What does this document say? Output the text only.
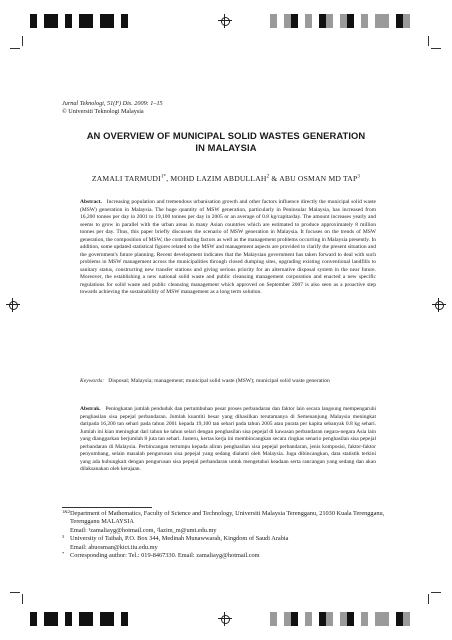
Jurnal Teknologi, 51(F) Dis. 2009: 1–15
© Universiti Teknologi Malaysia
AN OVERVIEW OF MUNICIPAL SOLID WASTES GENERATION
IN MALAYSIA
ZAMALI $TARMUDI^{1*}$, MOHD LAZIM ABDULLAH$^2$ & ABU OSMAN MD TAP$^3$
Abstract. Increasing population and tremendous urbanisation growth and other factors influence directly the municipal solid waste (MSW) generation in Malaysia. The huge quantity of MSW generation, particularly in Peninsular Malaysia, has increased from 16,200 tonnes per day in 2001 to 19,100 tonnes per day in 2005 or an average of 0.8 kg/capita/day. The amount increases yearly and seems to grow in parallel with the urban areas in many Asian countries which are estimated to produce approximately 8 million tonnes per day. Thus, this paper briefly discusses the scenario of MSW generation in Malaysia. It focuses on the trends of MSW generation, the composition of MSW, the contributing factors as well as the management problems occurring in Malaysia presently. In addition, some updated statistical figures related to the MSW and management aspects are provided to clarify the present situation and the government's future planning. Recent development indicates that the Malaysian government has taken forward to deal with such problems in MSW management across the municipalities through closed dumping sites, upgrading existing conventional landfills to sanitary status, constructing new transfer stations and giving serious priority for an alternative disposal system in the near future. Moreover, the establishing a new national solid waste and public cleansing management corporation and enacted a new specific regulations for solid waste and public cleansing management which approved on September 2007 is also seen as a proactive step towards achieving the sustainability of MSW management as a long term solution.
Keywords: Disposal; Malaysia; management; municipal solid waste (MSW); municipal solid waste generation
Abstrak. Peningkatan jumlah penduduk dan pertumbuhan pesat proses perbandaran dan faktor lain secara langsung mempengaruhi penghasilan sisa pepejal perbandaran. Jumlah kuantiti besar yang dihasilkan terutamanya di Semenanjung Malaysia meningkat daripada 16,200 tan sehari pada tahun 2001 kepada 19,100 tan sehari pada tahun 2005 atau purata per kapita sebanyak 0.8 kg sehari. Jumlah ini kian meningkat dari tahun ke tahun selari dengan penghasilan sisa pepejal di kawasan perbandaran negara-negara Asia lain yang dianggarkan berjumlah 8 juta tan sehari. Justeru, kertas kerja ini membincangkan secara ringkas senario penghasilan sisa pepejal perbandaran di Malaysia. Perbincangan tertumpu kepada aliran penghasilan sisa pepejal perbandaran, jenis komposisi, faktor-faktor penyumbang, selain masalah pengurusan sisa pepejal yang sedang dialami oleh Malaysia. Juga dibincangkan, data statistik terkini yang ada hubungkait dengan pengurusan sisa pepejal perbandaran untuk mengetahui keadaan serta rancangan yang sedang dan akan dilaksanakan oleh kerajaan.
1&2 Department of Mathematics, Faculty of Science and Technology, Universiti Malaysia Terengganu, 21030 Kuala Terengganu, Terengganu MALAYSIA
Email: ¹zamaliayg@hotmail.com, ²lazim_m@umt.edu.my
3 University of Taibah, P.O. Box 344, Medinah Munawwarah, Kingdom of Saudi Arabia
Email: abuosman@kict.iiu.edu.my
* Corresponding author: Tel.: 019-8467330. Email: zamaliayg@hotmail.com
